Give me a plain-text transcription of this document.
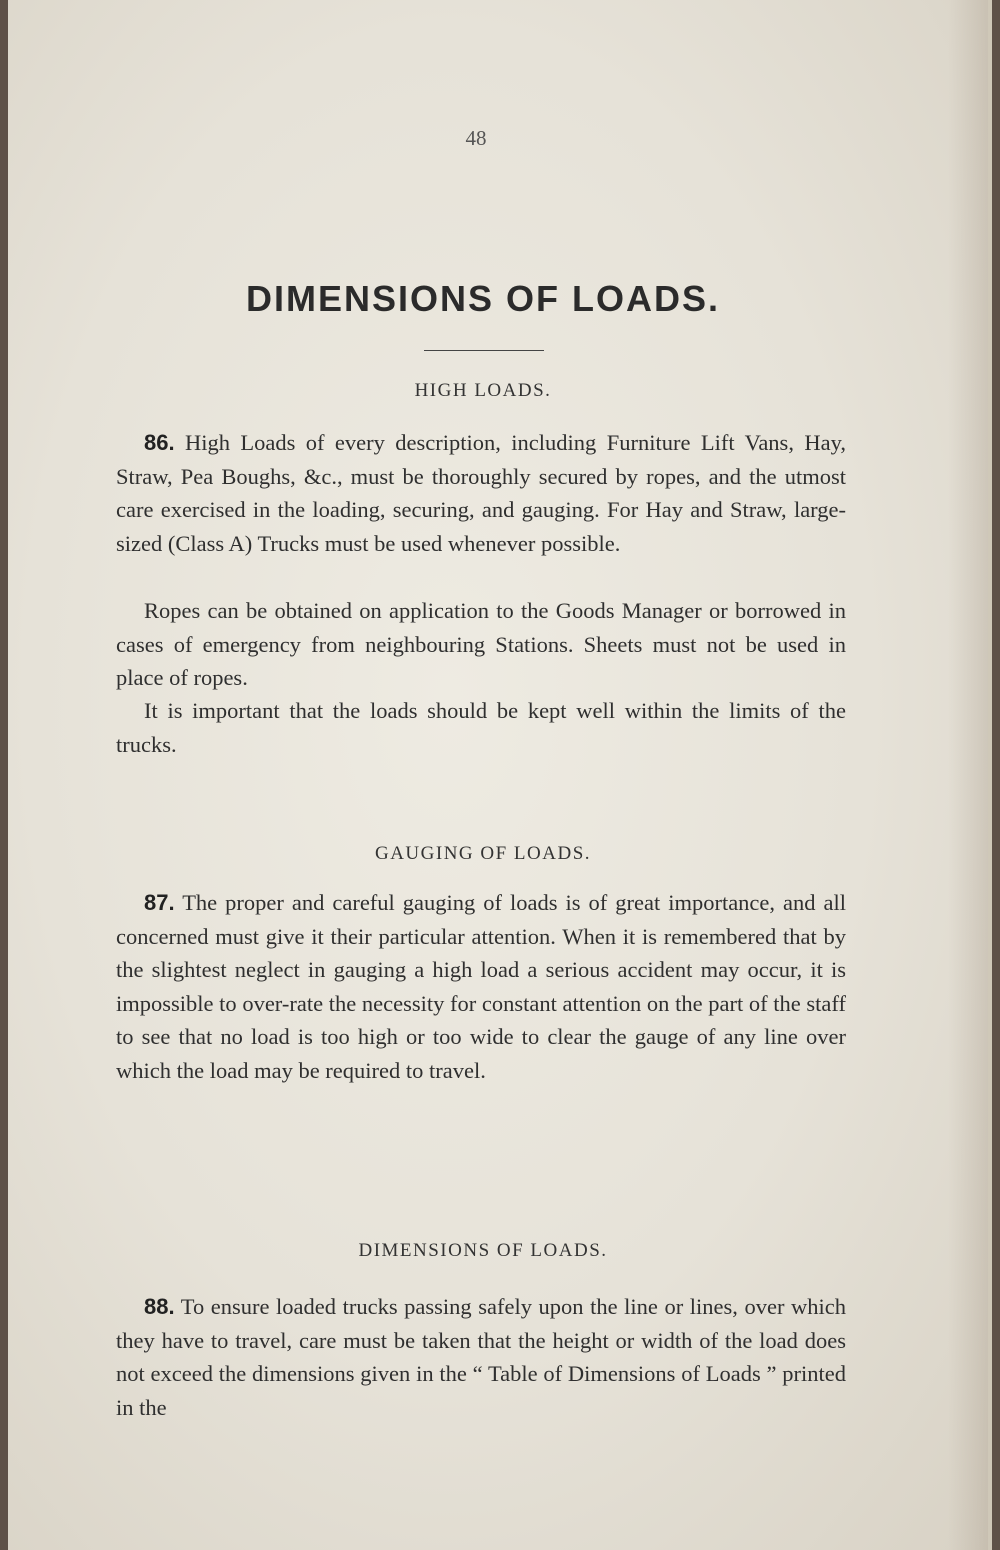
48
DIMENSIONS OF LOADS.
HIGH LOADS.

86. High Loads of every description, including Furniture Lift Vans, Hay, Straw, Pea Boughs, &c., must be thoroughly secured by ropes, and the utmost care exercised in the loading, securing, and gauging. For Hay and Straw, large-sized (Class A) Trucks must be used whenever possible.

Ropes can be obtained on application to the Goods Manager or borrowed in cases of emergency from neighbouring Stations. Sheets must not be used in place of ropes.

It is important that the loads should be kept well within the limits of the trucks.

GAUGING OF LOADS.

87. The proper and careful gauging of loads is of great importance, and all concerned must give it their particular attention. When it is remembered that by the slightest neglect in gauging a high load a serious accident may occur, it is impossible to over-rate the necessity for constant attention on the part of the staff to see that no load is too high or too wide to clear the gauge of any line over which the load may be required to travel.

DIMENSIONS OF LOADS.

88. To ensure loaded trucks passing safely upon the line or lines, over which they have to travel, care must be taken that the height or width of the load does not exceed the dimensions given in the “ Table of Dimensions of Loads ” printed in the
